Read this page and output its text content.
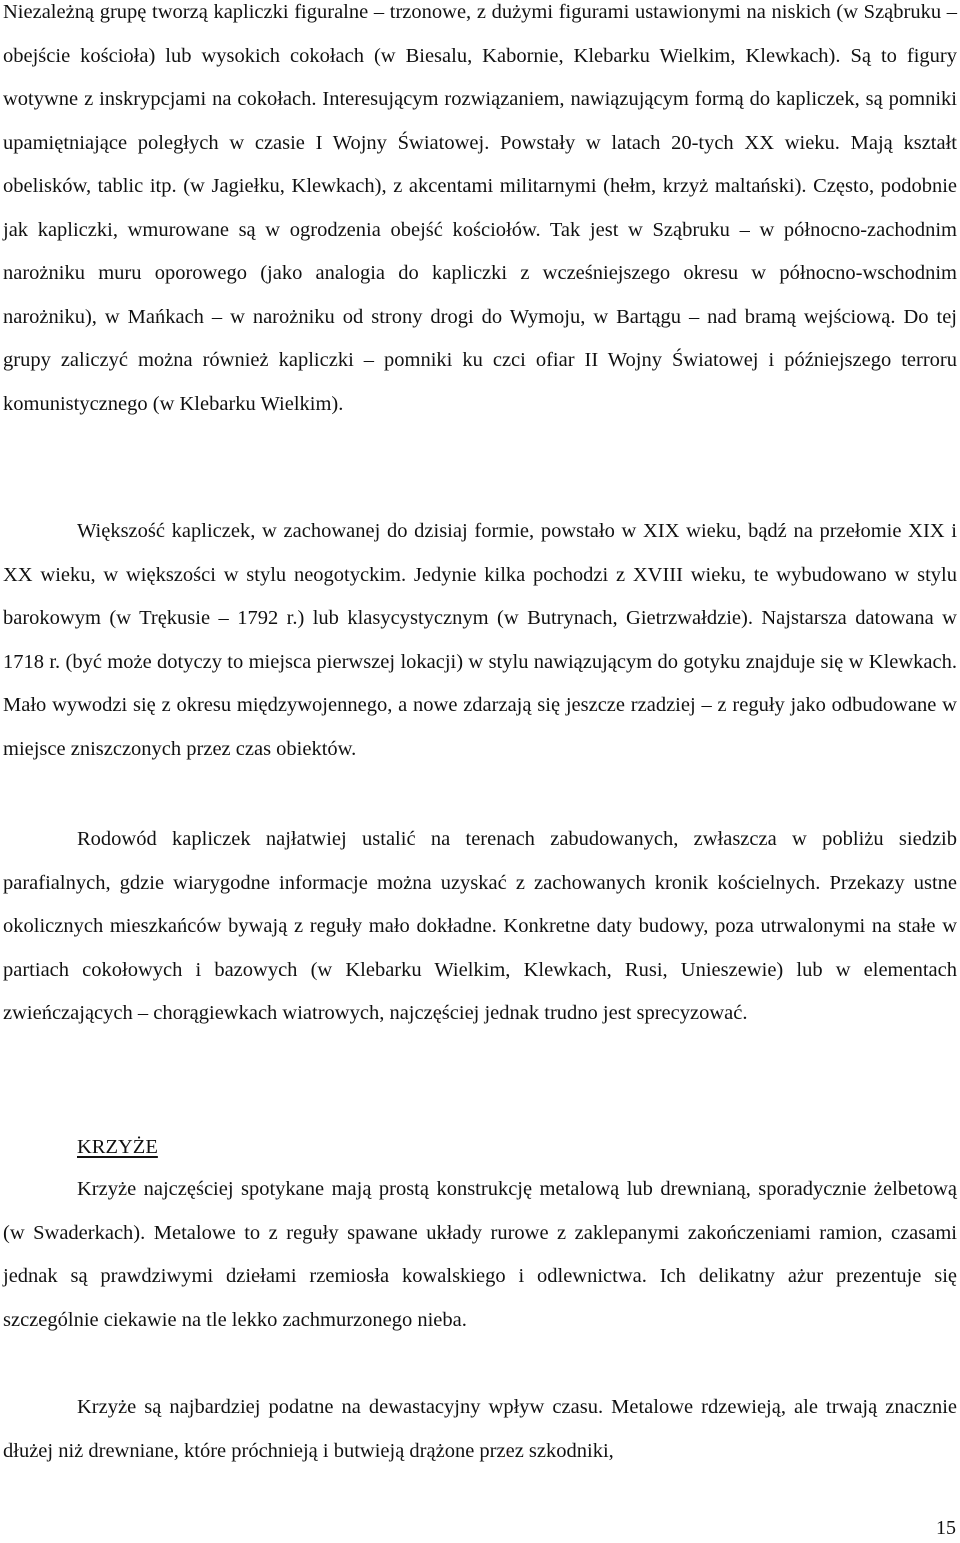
Niezależną grupę tworzą kapliczki figuralne – trzonowe, z dużymi figurami ustawionymi na niskich (w Sząbruku – obejście kościoła) lub wysokich cokołach (w Biesalu, Kabornie, Klebarku Wielkim, Klewkach). Są to figury wotywne z inskrypcjami na cokołach. Interesującym rozwiązaniem, nawiązującym formą do kapliczek, są pomniki upamiętniające poległych w czasie I Wojny Światowej. Powstały w latach 20-tych XX wieku. Mają kształt obelisków, tablic itp. (w Jagiełku, Klewkach), z akcentami militarnymi (hełm, krzyż maltański). Często, podobnie jak kapliczki, wmurowane są w ogrodzenia obejść kościołów. Tak jest w Sząbruku – w północno-zachodnim narożniku muru oporowego (jako analogia do kapliczki z wcześniejszego okresu w północno-wschodnim narożniku), w Mańkach – w narożniku od strony drogi do Wymoju, w Bartągu – nad bramą wejściową. Do tej grupy zaliczyć można również kapliczki – pomniki ku czci ofiar II Wojny Światowej i późniejszego terroru komunistycznego (w Klebarku Wielkim).

Większość kapliczek, w zachowanej do dzisiaj formie, powstało w XIX wieku, bądź na przełomie XIX i XX wieku, w większości w stylu neogotyckim. Jedynie kilka pochodzi z XVIII wieku, te wybudowano w stylu barokowym (w Trękusie – 1792 r.) lub klasycystycznym (w Butrynach, Gietrzwałdzie). Najstarsza datowana w 1718 r. (być może dotyczy to miejsca pierwszej lokacji) w stylu nawiązującym do gotyku znajduje się w Klewkach. Mało wywodzi się z okresu międzywojennego, a nowe zdarzają się jeszcze rzadziej – z reguły jako odbudowane w miejsce zniszczonych przez czas obiektów.

Rodowód kapliczek najłatwiej ustalić na terenach zabudowanych, zwłaszcza w pobliżu siedzib parafialnych, gdzie wiarygodne informacje można uzyskać z zachowanych kronik kościelnych. Przekazy ustne okolicznych mieszkańców bywają z reguły mało dokładne. Konkretne daty budowy, poza utrwalonymi na stałe w partiach cokołowych i bazowych (w Klebarku Wielkim, Klewkach, Rusi, Unieszewie) lub w elementach zwieńczających – chorągiewkach wiatrowych, najczęściej jednak trudno jest sprecyzować.

KRZYŻE

Krzyże najczęściej spotykane mają prostą konstrukcję metalową lub drewnianą, sporadycznie żelbetową (w Swaderkach). Metalowe to z reguły spawane układy rurowe z zaklepanymi zakończeniami ramion, czasami jednak są prawdziwymi dziełami rzemiosła kowalskiego i odlewnictwa. Ich delikatny ażur prezentuje się szczególnie ciekawie na tle lekko zachmurzonego nieba.

Krzyże są najbardziej podatne na dewastacyjny wpływ czasu. Metalowe rdzewieją, ale trwają znacznie dłużej niż drewniane, które próchnieją i butwieją drążone przez szkodniki,

15
